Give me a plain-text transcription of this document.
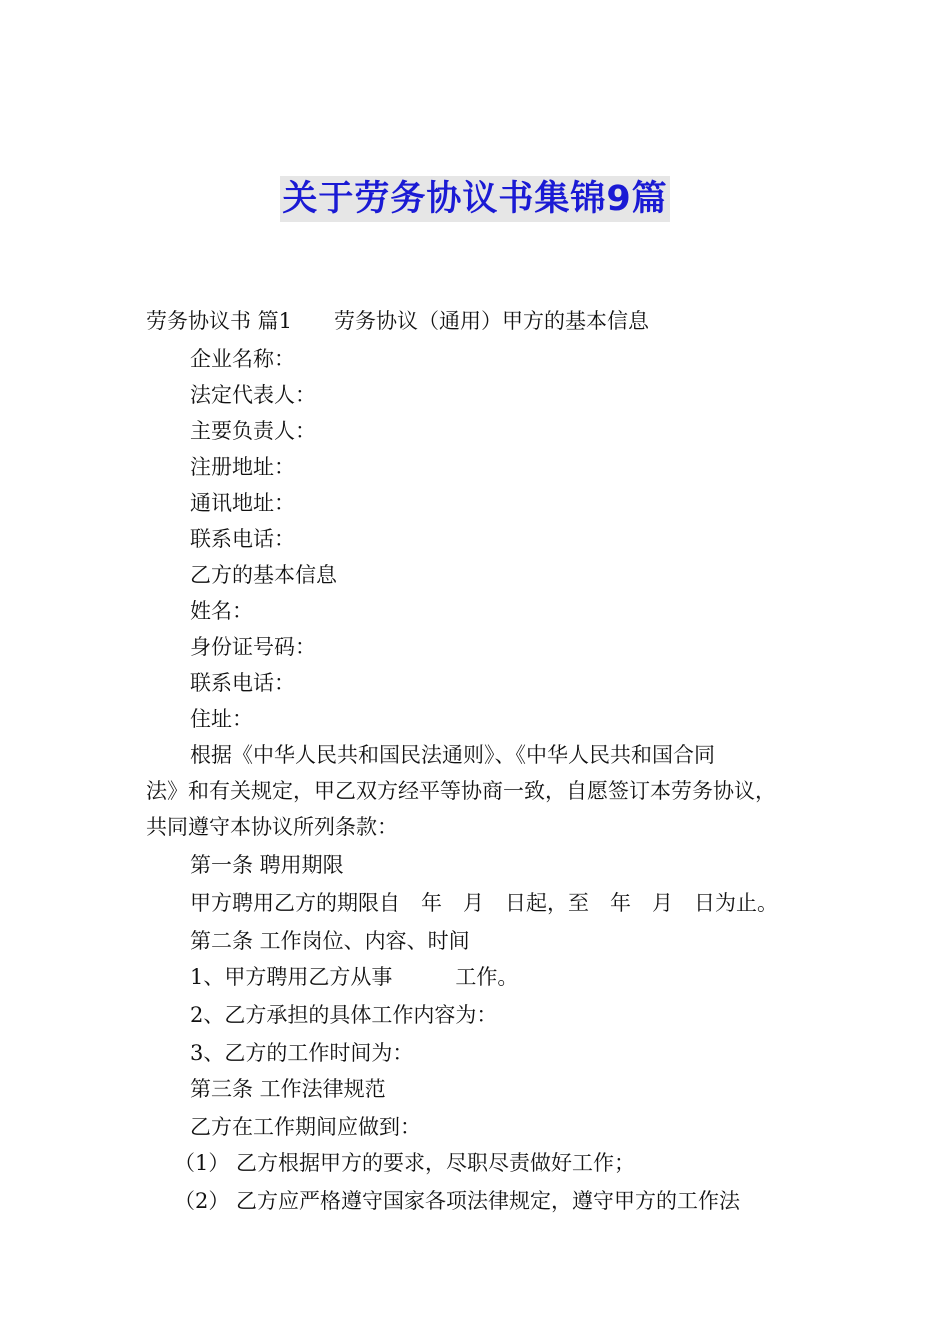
关于劳务协议书集锦9篇
劳务协议书 篇1　　劳务协议（通用）甲方的基本信息
企业名称：
法定代表人：
主要负责人：
注册地址：
通讯地址：
联系电话：
乙方的基本信息
姓名：
身份证号码：
联系电话：
住址：
根据《中华人民共和国民法通则》、《中华人民共和国合同
法》和有关规定，甲乙双方经平等协商一致，自愿签订本劳务协议，
共同遵守本协议所列条款：
第一条 聘用期限
甲方聘用乙方的期限自　年　月　日起，至　年　月　日为止。
第二条 工作岗位、内容、时间
1、甲方聘用乙方从事　　　工作。
2、乙方承担的具体工作内容为：
3、乙方的工作时间为：
第三条 工作法律规范
乙方在工作期间应做到：
（1） 乙方根据甲方的要求，尽职尽责做好工作；
（2） 乙方应严格遵守国家各项法律规定，遵守甲方的工作法
